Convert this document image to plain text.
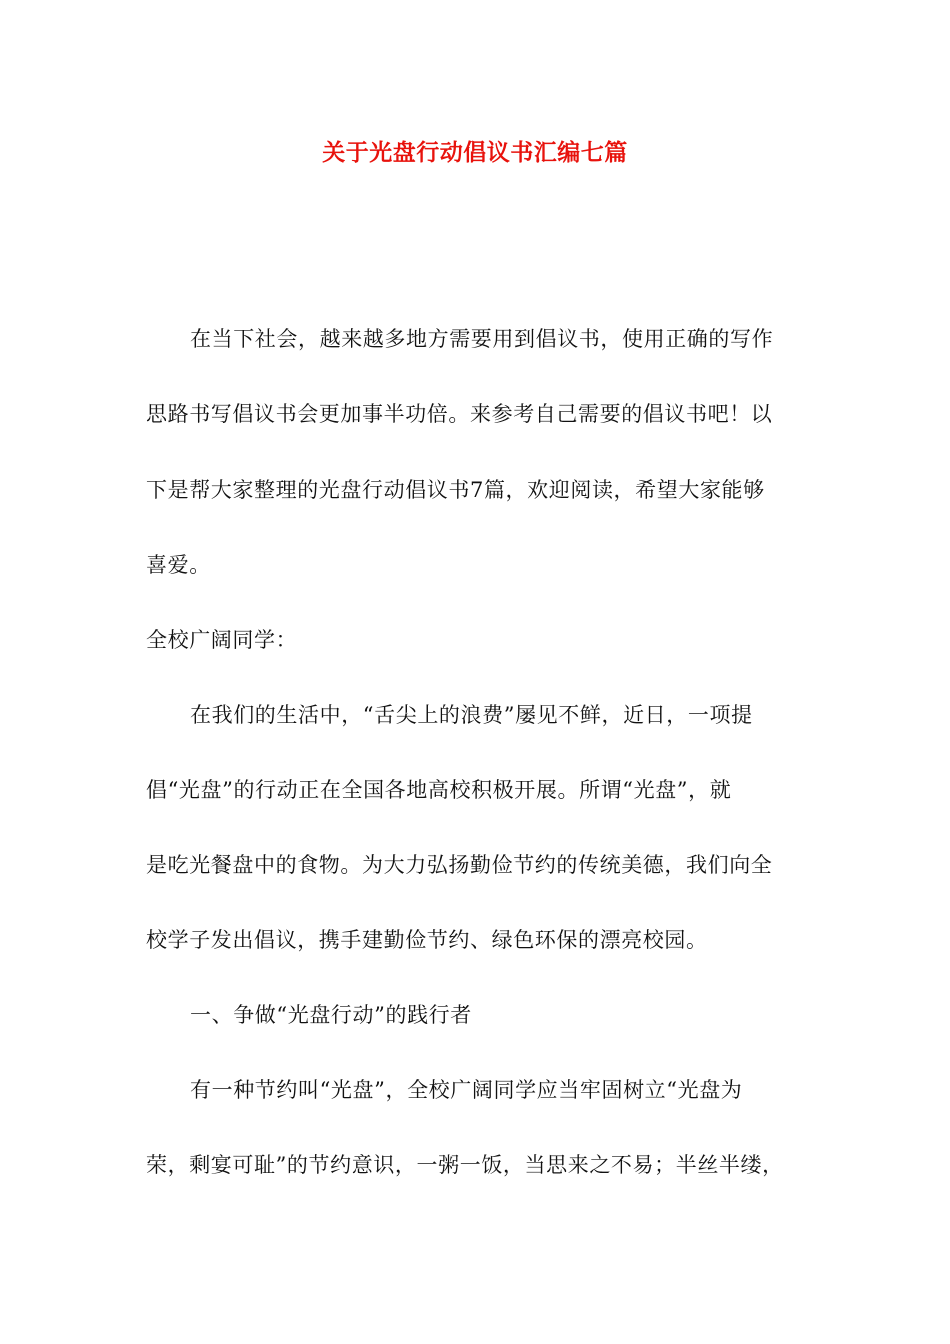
关于光盘行动倡议书汇编七篇

在当下社会，越来越多地方需要用到倡议书，使用正确的写作

思路书写倡议书会更加事半功倍。来参考自己需要的倡议书吧！以

下是帮大家整理的光盘行动倡议书7篇，欢迎阅读，希望大家能够

喜爱。

全校广阔同学：

在我们的生活中，“舌尖上的浪费”屡见不鲜，近日，一项提

倡“光盘”的行动正在全国各地高校积极开展。所谓“光盘”，就

是吃光餐盘中的食物。为大力弘扬勤俭节约的传统美德，我们向全

校学子发出倡议，携手建勤俭节约、绿色环保的漂亮校园。

一、争做“光盘行动”的践行者

有一种节约叫“光盘”，全校广阔同学应当牢固树立“光盘为

荣，剩宴可耻”的节约意识，一粥一饭，当思来之不易；半丝半缕，
